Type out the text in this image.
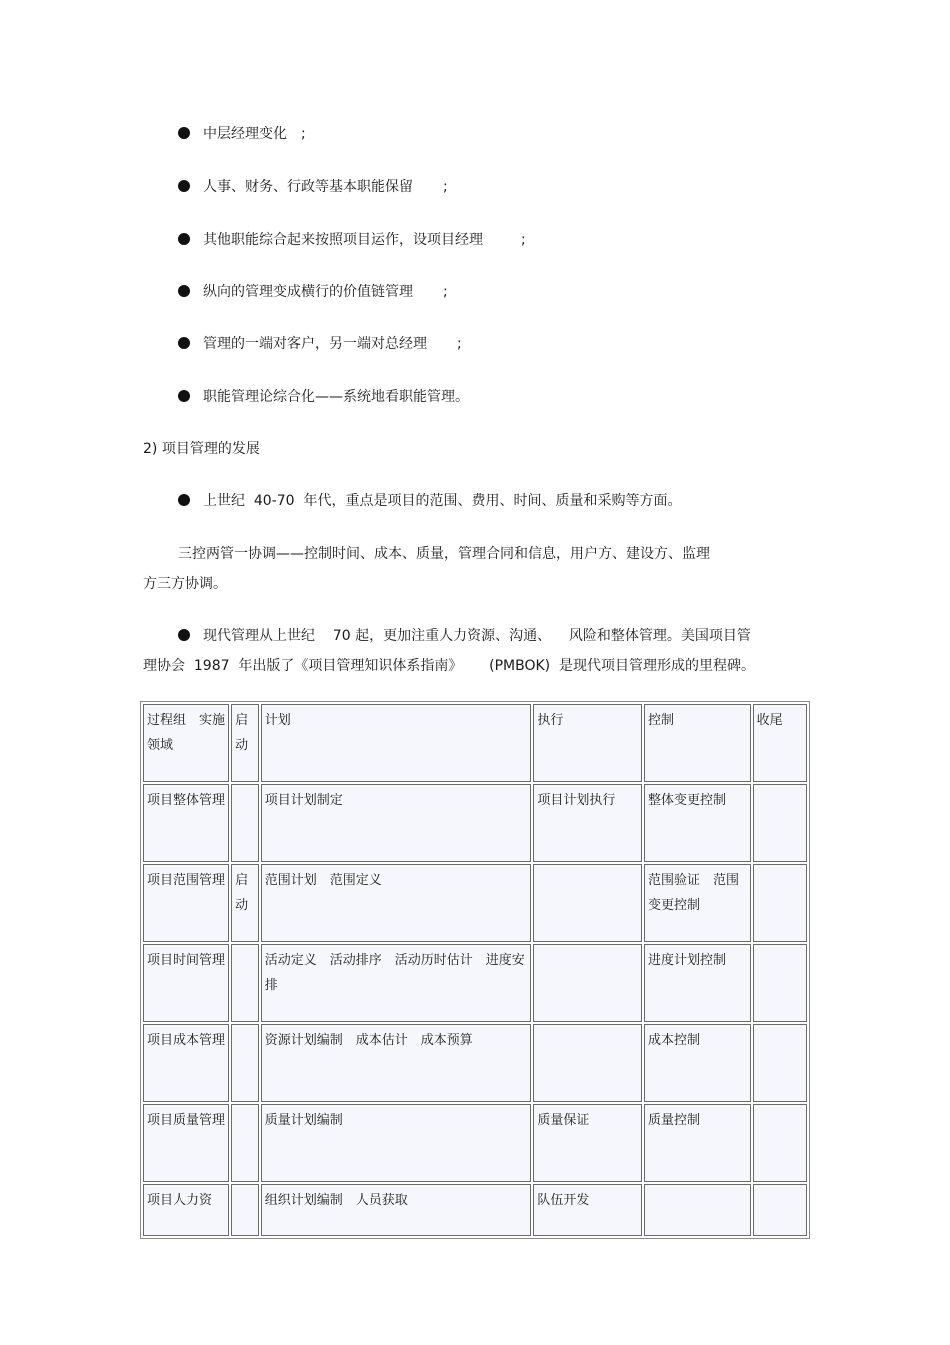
中层经理变化 ;
人事、财务、行政等基本职能保留 ;
其他职能综合起来按照项目运作，设项目经理	;
纵向的管理变成横行的价值链管理 ;
管理的一端对客户，另一端对总经理 ;
职能管理论综合化——系统地看职能管理。
2) 项目管理的发展
上世纪  40-70  年代，重点是项目的范围、费用、时间、质量和采购等方面。
三控两管一协调——控制时间、成本、质量，管理合同和信息，用户方、建设方、监理
方三方协调。
现代管理从上世纪    70 起，更加注重人力资源、沟通、    风险和整体管理。美国项目管
理协会  1987  年出版了《项目管理知识体系指南》      (PMBOK)  是现代项目管理形成的里程碑。
过程组　实施领域	启动	计划	执行	控制	收尾
项目整体管理		项目计划制定	项目计划执行	整体变更控制	
项目范围管理	启动	范围计划　范围定义		范围验证　范围变更控制	
项目时间管理		活动定义　活动排序　活动历时估计　进度安排		进度计划控制	
项目成本管理		资源计划编制　成本估计　成本预算		成本控制	
项目质量管理		质量计划编制	质量保证	质量控制	
项目人力资		组织计划编制　人员获取	队伍开发		
